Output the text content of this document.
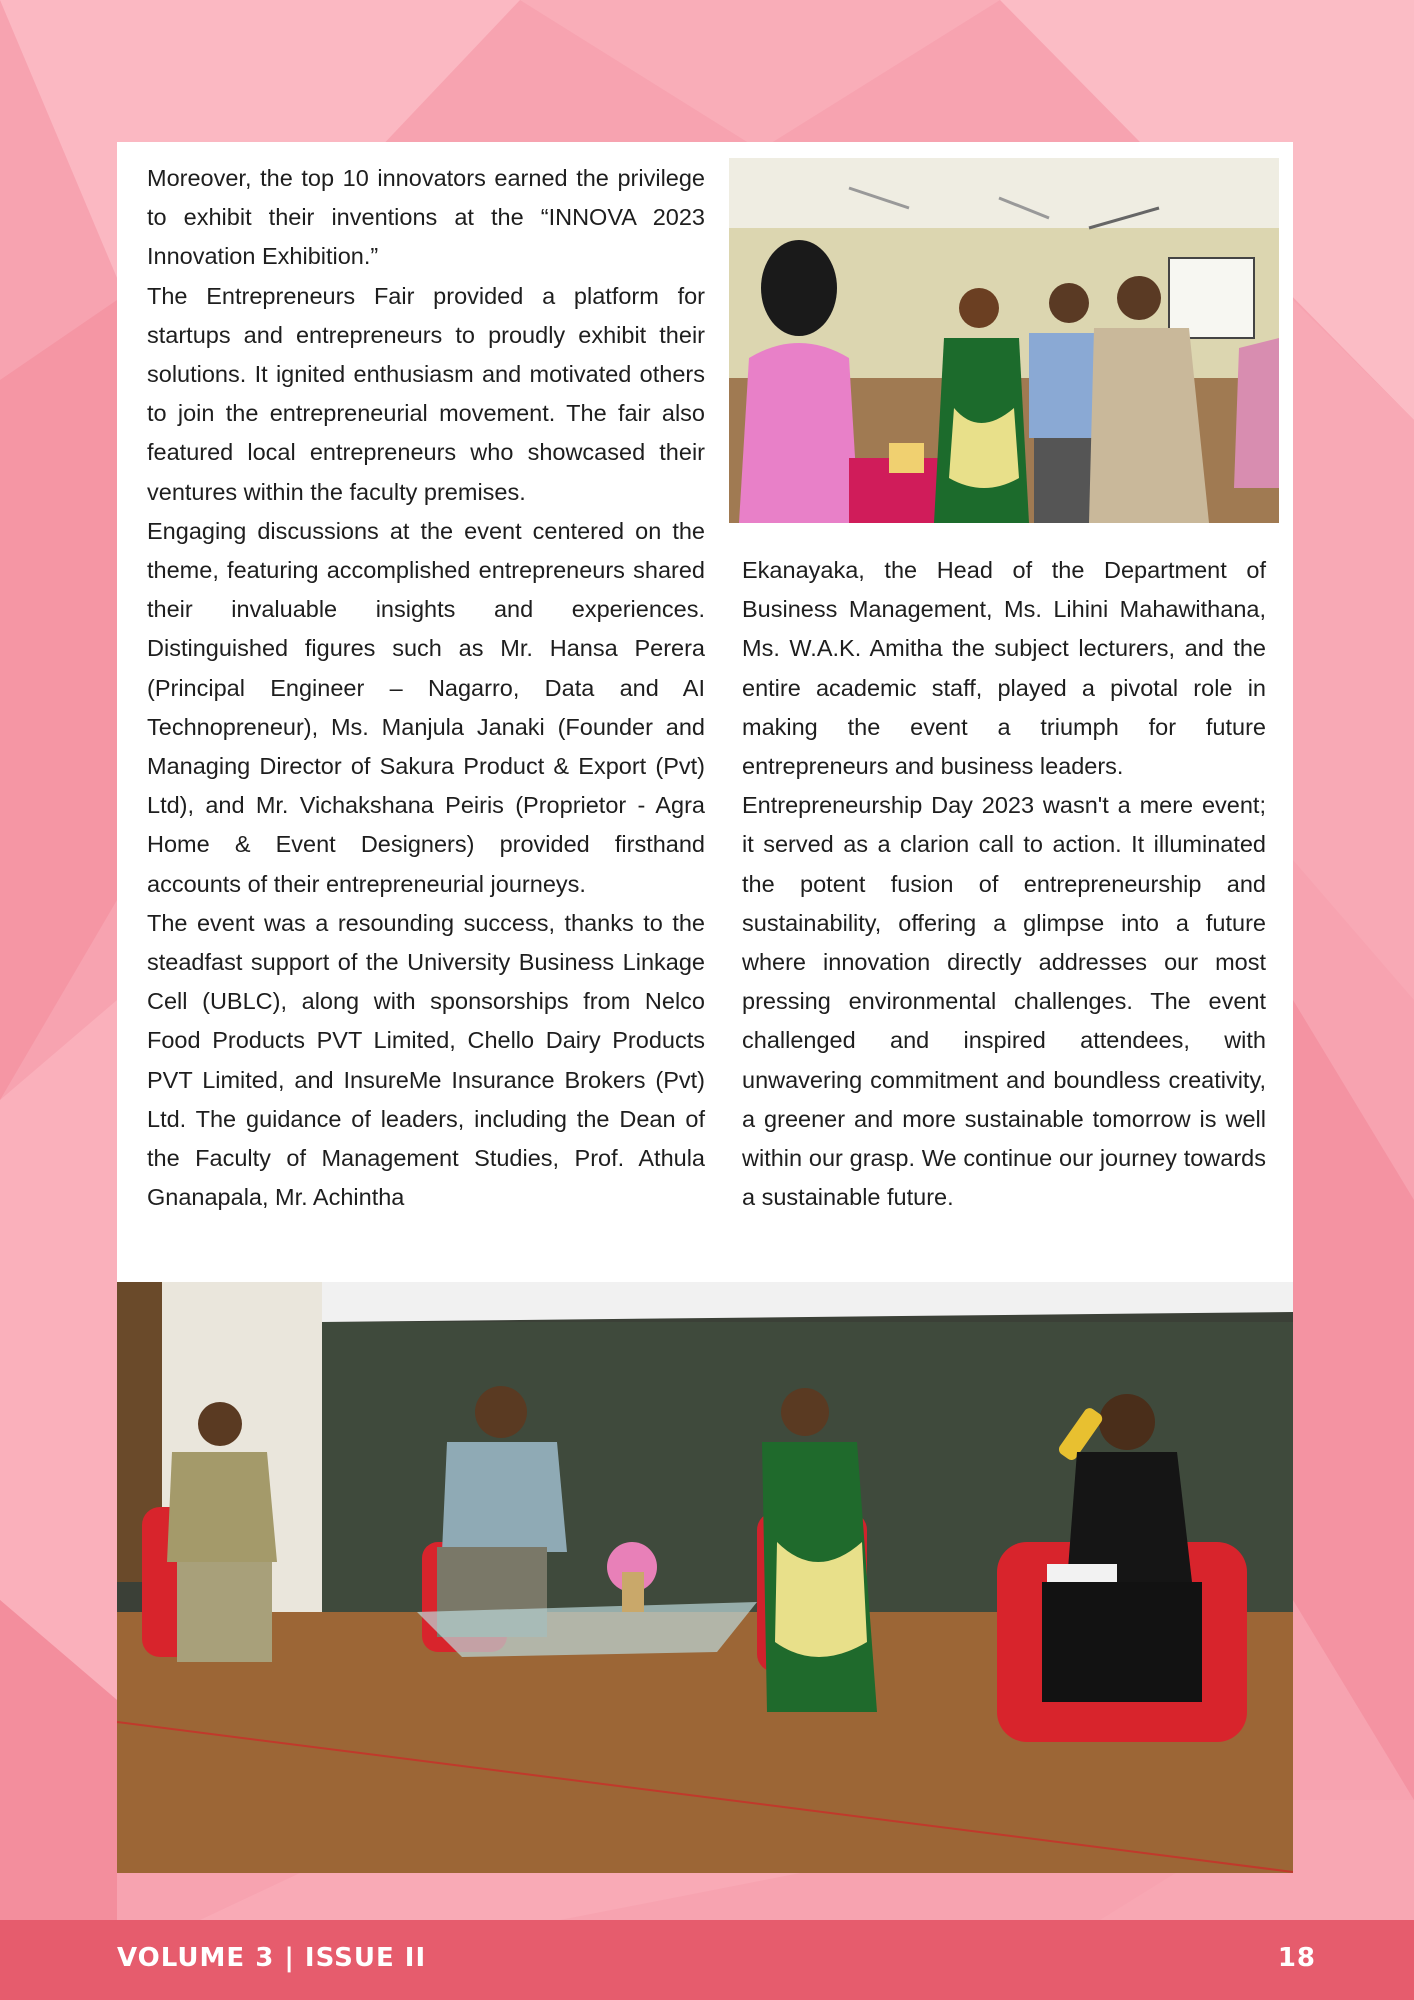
Moreover, the top 10 innovators earned the privilege to exhibit their inventions at the “INNOVA 2023 Innovation Exhibition.”

The Entrepreneurs Fair provided a platform for startups and entrepreneurs to proudly exhibit their solutions. It ignited enthusiasm and motivated others to join the entrepreneurial movement. The fair also featured local entrepreneurs who showcased their ventures within the faculty premises.

Engaging discussions at the event centered on the theme, featuring accomplished entrepreneurs shared their invaluable insights and experiences. Distinguished figures such as Mr. Hansa Perera (Principal Engineer – Nagarro, Data and AI Technopreneur), Ms. Manjula Janaki (Founder and Managing Director of Sakura Product & Export (Pvt) Ltd), and Mr. Vichakshana Peiris (Proprietor - Agra Home & Event Designers) provided firsthand accounts of their entrepreneurial journeys.

The event was a resounding success, thanks to the steadfast support of the University Business Linkage Cell (UBLC), along with sponsorships from Nelco Food Products PVT Limited, Chello Dairy Products PVT Limited, and InsureMe Insurance Brokers (Pvt) Ltd. The guidance of leaders, including the Dean of the Faculty of Management Studies, Prof. Athula Gnanapala, Mr. Achintha

Ekanayaka, the Head of the Department of Business Management, Ms. Lihini Mahawithana, Ms. W.A.K. Amitha the subject lecturers, and the entire academic staff, played a pivotal role in making the event a triumph for future entrepreneurs and business leaders.

Entrepreneurship Day 2023 wasn't a mere event; it served as a clarion call to action. It illuminated the potent fusion of entrepreneurship and sustainability, offering a glimpse into a future where innovation directly addresses our most pressing environmental challenges. The event challenged and inspired attendees, with unwavering commitment and boundless creativity, a greener and more sustainable tomorrow is well within our grasp. We continue our journey towards a sustainable future.

VOLUME 3 | ISSUE II	18
